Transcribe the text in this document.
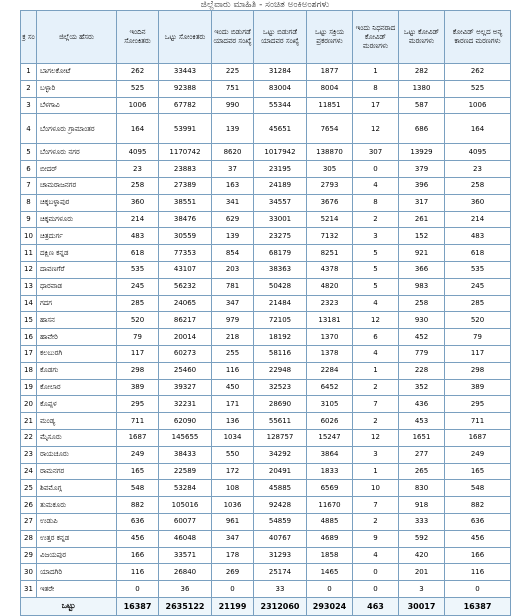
ಜಿಲ್ಲೆವಾರು ಮಾಹಿತಿ - ಸಂಚಿತ ಅಂಕಿಅಂಶಗಳು
ಕ್ರ ಸಂ	ಜಿಲ್ಲೆಯ ಹೆಸರು	ಇಂದಿನ ಸೋಂಕಿತರು	ಒಟ್ಟು ಸೋಂಕಿತರು	ಇಂದು ಬಿಡುಗಡೆ ಯಾದವರ ಸಂಖ್ಯೆ	ಒಟ್ಟು ಬಿಡುಗಡೆ ಯಾದವರ ಸಂಖ್ಯೆ	ಒಟ್ಟು ಸಕ್ರಿಯ ಪ್ರಕರಣಗಳು	ಇಂದು ನಿಧನರಾದ ಕೋವಿಡ್ ಮರಣಗಳು	ಒಟ್ಟು ಕೋವಿಡ್ ಮರಣಗಳು	ಕೋವಿಡ್ ಅಲ್ಲದ ಅನ್ಯ ಕಾರಣದ ಮರಣಗಳು
1	ಬಾಗಲಕೋಟೆ	262	33443	225	31284	1877	1	282	262
2	ಬಳ್ಳಾರಿ	525	92388	751	83004	8004	8	1380	525
3	ಬೆಳಗಾವಿ	1006	67782	990	55344	11851	17	587	1006
4	ಬೆಂಗಳೂರು ಗ್ರಾಮಾಂತರ	164	53991	139	45651	7654	12	686	164
5	ಬೆಂಗಳೂರು ನಗರ	4095	1170742	8620	1017942	138870	307	13929	4095
6	ಬೀದರ್	23	23883	37	23195	305	0	379	23
7	ಚಾಮರಾಜನಗರ	258	27389	163	24189	2793	4	396	258
8	ಚಿಕ್ಕಬಳ್ಳಾಪುರ	360	38551	341	34557	3676	8	317	360
9	ಚಿಕ್ಕಮಗಳೂರು	214	38476	629	33001	5214	2	261	214
10	ಚಿತ್ರದುರ್ಗ	483	30559	139	23275	7132	3	152	483
11	ದಕ್ಷಿಣ ಕನ್ನಡ	618	77353	854	68179	8251	5	921	618
12	ದಾವಣಗೆರೆ	535	43107	203	38363	4378	5	366	535
13	ಧಾರವಾಡ	245	56232	781	50428	4820	5	983	245
14	ಗದಗ	285	24065	347	21484	2323	4	258	285
15	ಹಾಸನ	520	86217	979	72105	13181	12	930	520
16	ಹಾವೇರಿ	79	20014	218	18192	1370	6	452	79
17	ಕಲಬುರಗಿ	117	60273	255	58116	1378	4	779	117
18	ಕೊಡಗು	298	25460	116	22948	2284	1	228	298
19	ಕೋಲಾರ	389	39327	450	32523	6452	2	352	389
20	ಕೊಪ್ಪಳ	295	32231	171	28690	3105	7	436	295
21	ಮಂಡ್ಯ	711	62090	136	55611	6026	2	453	711
22	ಮೈಸೂರು	1687	145655	1034	128757	15247	12	1651	1687
23	ರಾಯಚೂರು	249	38433	550	34292	3864	3	277	249
24	ರಾಮನಗರ	165	22589	172	20491	1833	1	265	165
25	ಶಿವಮೊಗ್ಗ	548	53284	108	45885	6569	10	830	548
26	ತುಮಕೂರು	882	105016	1036	92428	11670	7	918	882
27	ಉಡುಪಿ	636	60077	961	54859	4885	2	333	636
28	ಉತ್ತರ ಕನ್ನಡ	456	46048	347	40767	4689	9	592	456
29	ವಿಜಯಪುರ	166	33571	178	31293	1858	4	420	166
30	ಯಾದಗಿರಿ	116	26840	269	25174	1465	0	201	116
31	ಇತರೇ	0	36	0	33	0	0	3	0
ಒಟ್ಟು		16387	2635122	21199	2312060	293024	463	30017	16387
